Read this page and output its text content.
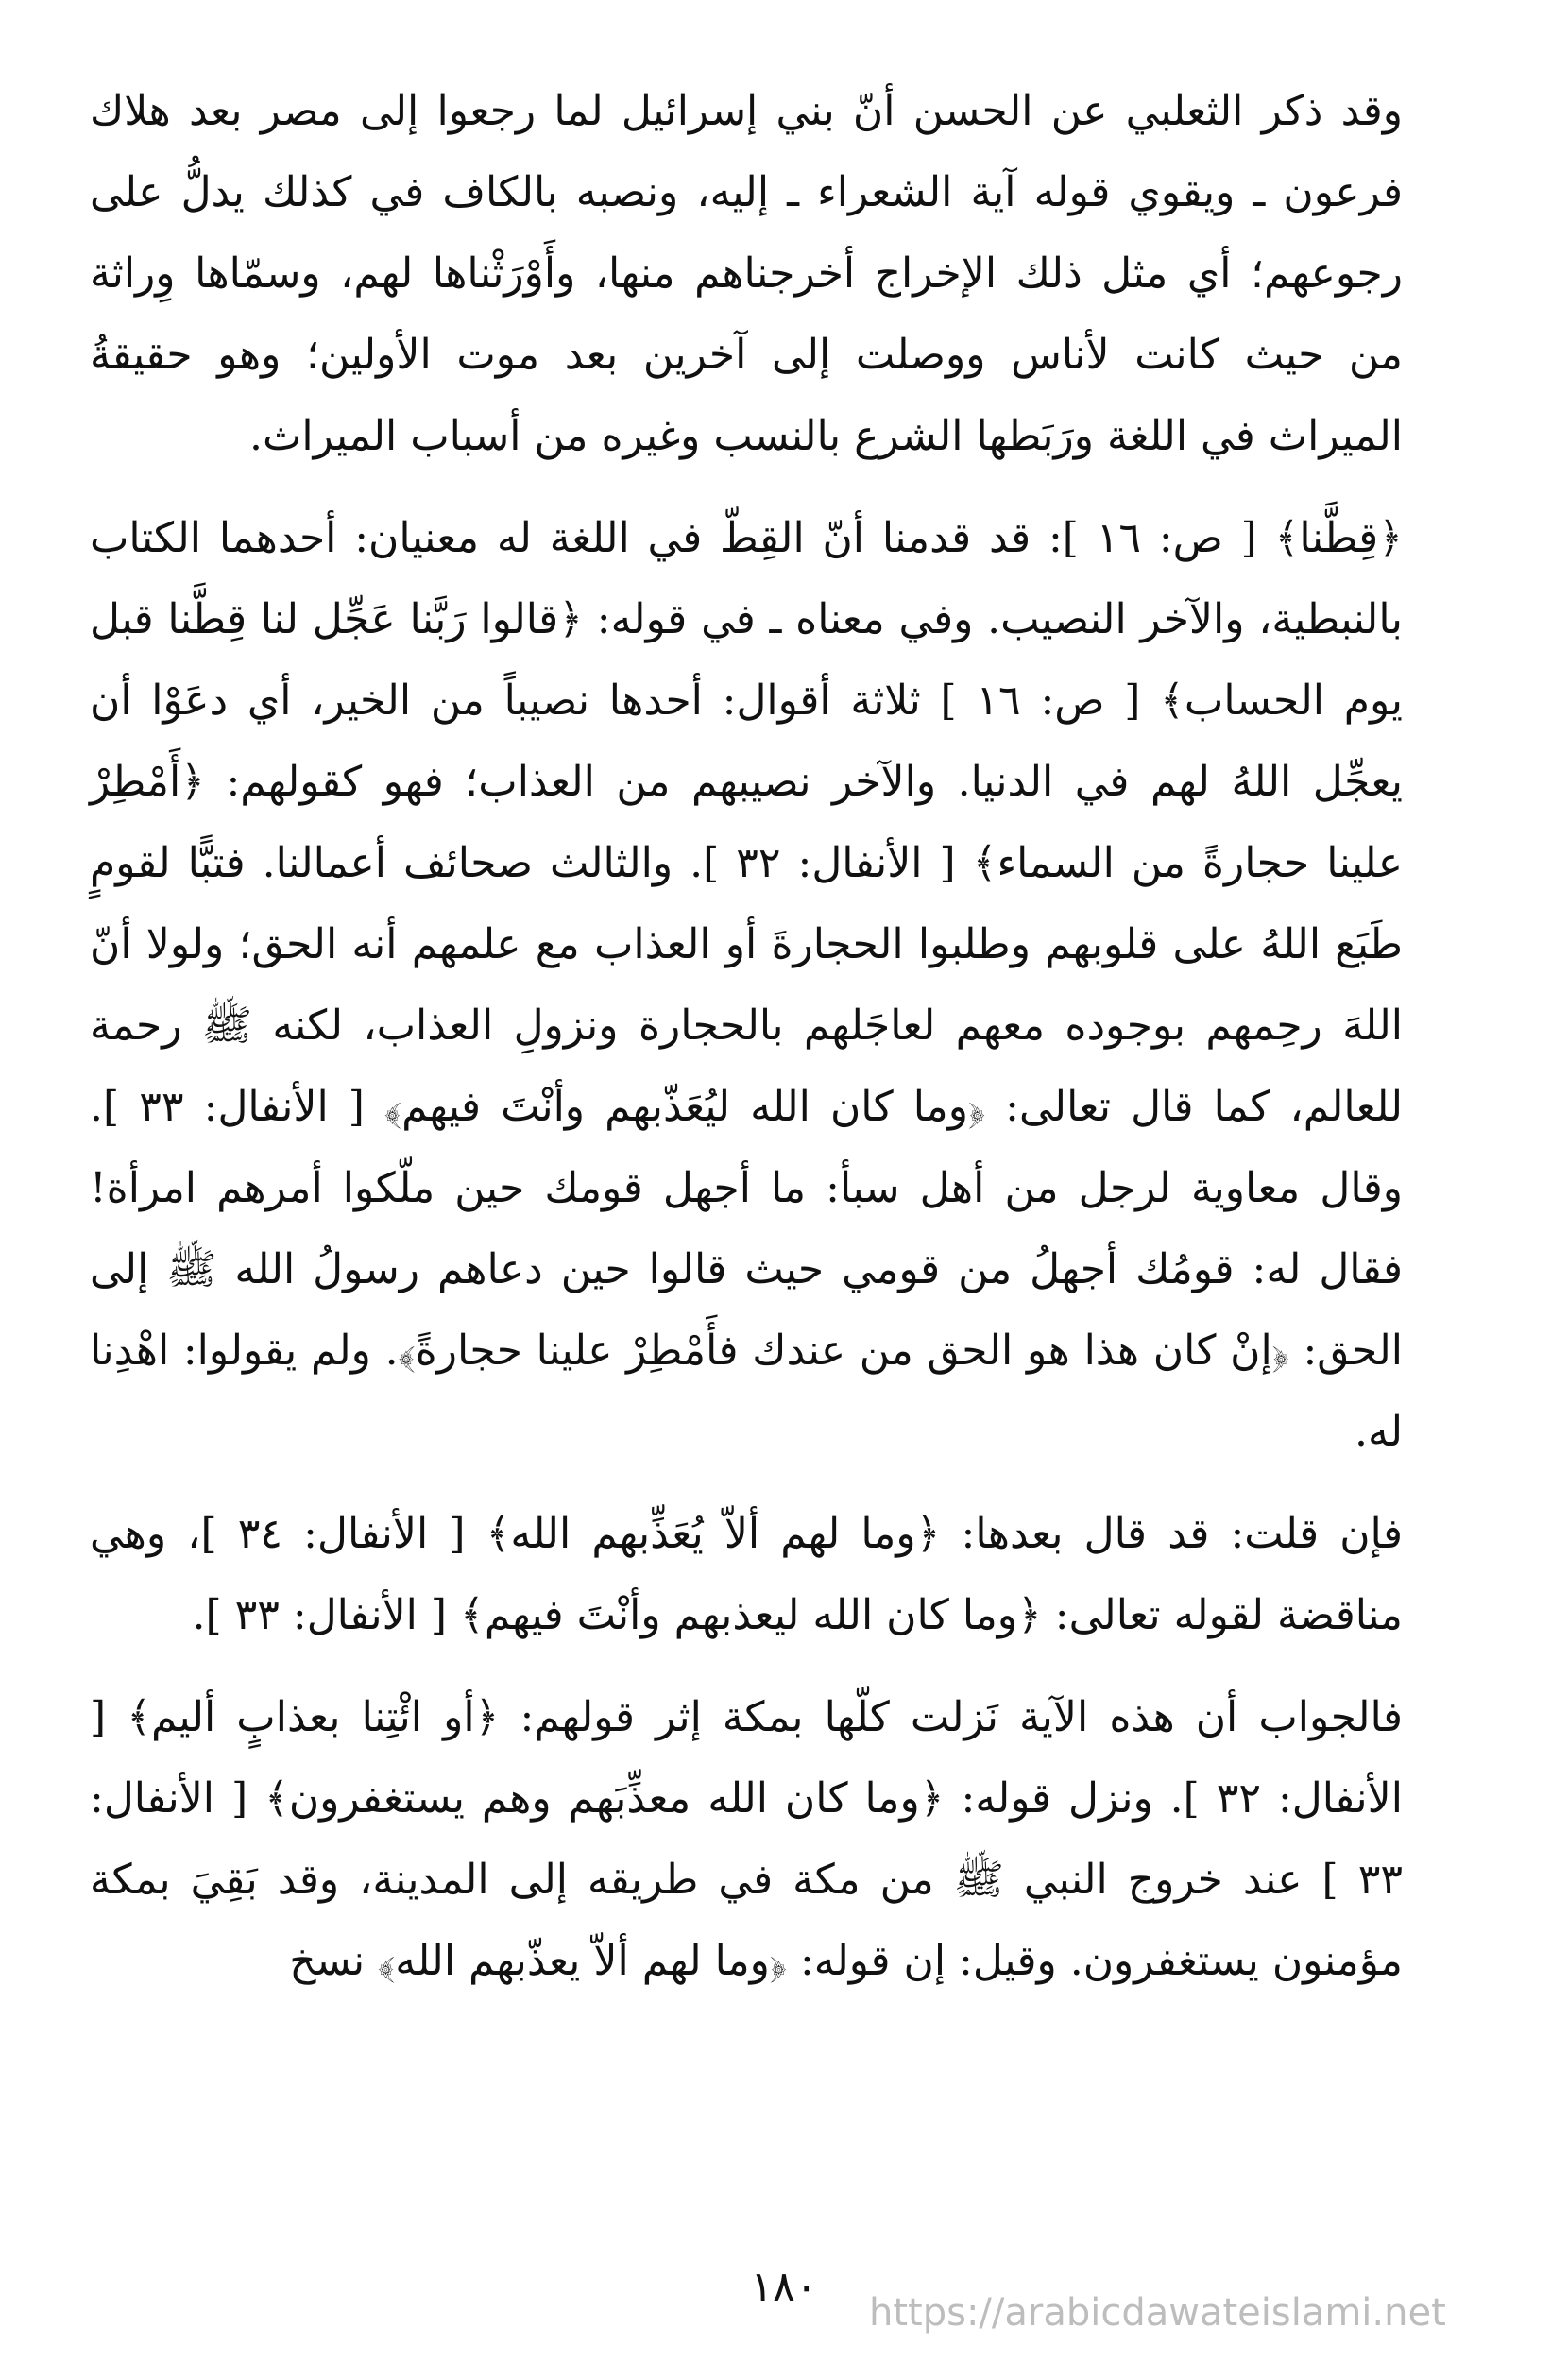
وقد ذكر الثعلبي عن الحسن أنّ بني إسرائيل لما رجعوا إلى مصر بعد هلاك فرعون ـ ويقوي قوله آية الشعراء ـ إليه، ونصبه بالكاف في كذلك يدلُّ على رجوعهم؛ أي مثل ذلك الإخراج أخرجناهم منها، وأَوْرَثْناها لهم، وسمّاها وِراثة من حيث كانت لأناس ووصلت إلى آخرين بعد موت الأولين؛ وهو حقيقةُ الميراث في اللغة ورَبَطها الشرع بالنسب وغيره من أسباب الميراث.

﴿قِطَّنا﴾ [ ص: ١٦ ]: قد قدمنا أنّ القِطّ في اللغة له معنيان: أحدهما الكتاب بالنبطية، والآخر النصيب. وفي معناه ـ في قوله: ﴿قالوا رَبَّنا عَجِّل لنا قِطَّنا قبل يوم الحساب﴾ [ ص: ١٦ ] ثلاثة أقوال: أحدها نصيباً من الخير، أي دعَوْا أن يعجِّل اللهُ لهم في الدنيا. والآخر نصيبهم من العذاب؛ فهو كقولهم: ﴿أَمْطِرْ علينا حجارةً من السماء﴾ [ الأنفال: ٣٢ ]. والثالث صحائف أعمالنا. فتبًّا لقومٍ طَبَع اللهُ على قلوبهم وطلبوا الحجارةَ أو العذاب مع علمهم أنه الحق؛ ولولا أنّ اللهَ رحِمهم بوجوده معهم لعاجَلهم بالحجارة ونزولِ العذاب، لكنه ﷺ رحمة للعالم، كما قال تعالى: ﴿وما كان الله ليُعَذّبهم وأنْتَ فيهم﴾ [ الأنفال: ٣٣ ]. وقال معاوية لرجل من أهل سبأ: ما أجهل قومك حين ملّكوا أمرهم امرأة! فقال له: قومُك أجهلُ من قومي حيث قالوا حين دعاهم رسولُ الله ﷺ إلى الحق: ﴿إنْ كان هذا هو الحق من عندك فأَمْطِرْ علينا حجارةً﴾. ولم يقولوا: اهْدِنا له.

فإن قلت: قد قال بعدها: ﴿وما لهم ألاّ يُعَذِّبهم الله﴾ [ الأنفال: ٣٤ ]، وهي مناقضة لقوله تعالى: ﴿وما كان الله ليعذبهم وأنْتَ فيهم﴾ [ الأنفال: ٣٣ ].

فالجواب أن هذه الآية نَزلت كلّها بمكة إثر قولهم: ﴿أو ائْتِنا بعذابٍ أليم﴾ [ الأنفال: ٣٢ ]. ونزل قوله: ﴿وما كان الله معذِّبَهم وهم يستغفرون﴾ [ الأنفال: ٣٣ ] عند خروج النبي ﷺ من مكة في طريقه إلى المدينة، وقد بَقِيَ بمكة مؤمنون يستغفرون. وقيل: إن قوله: ﴿وما لهم ألاّ يعذّبهم الله﴾ نسخ

١٨٠
https://arabicdawateislami.net
